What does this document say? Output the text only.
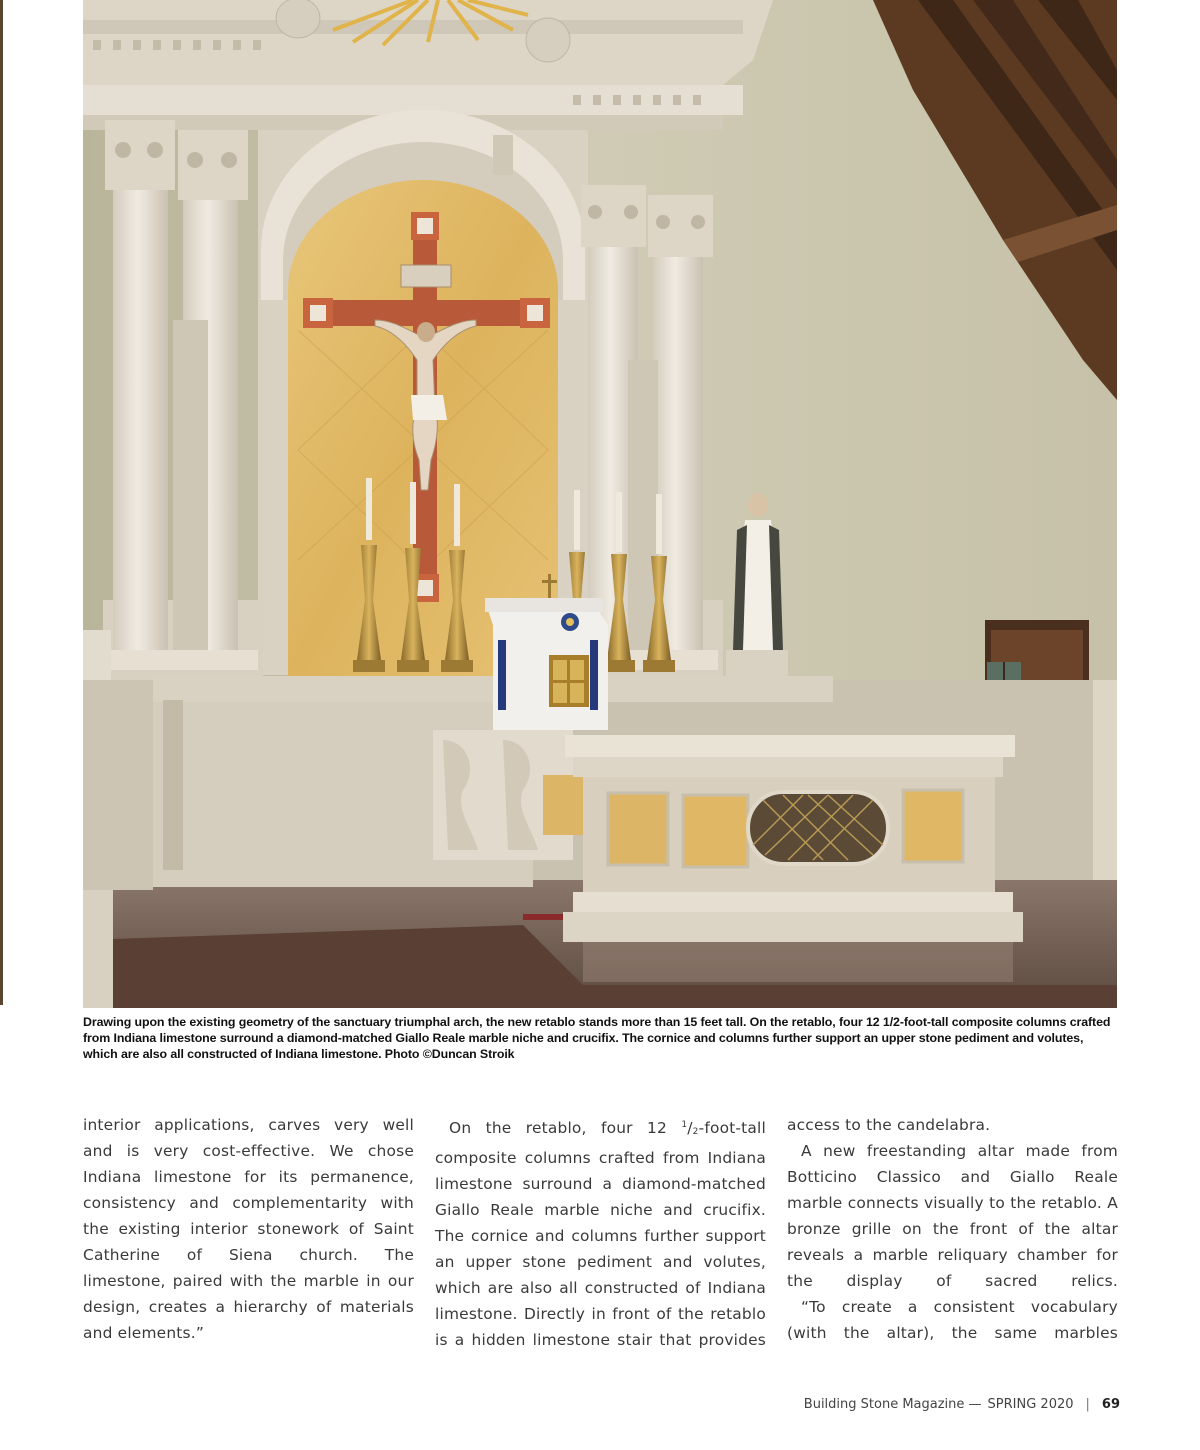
Drawing upon the existing geometry of the sanctuary triumphal arch, the new retablo stands more than 15 feet tall. On the retablo, four 12 1/2-foot-tall composite columns crafted from Indiana limestone surround a diamond-matched Giallo Reale marble niche and crucifix. The cornice and columns further support an upper stone pediment and volutes, which are also all constructed of Indiana limestone. Photo ©Duncan Stroik

interior applications, carves very well and is very cost-effective. We chose Indiana limestone for its permanence, consistency and complementarity with the existing interior stonework of Saint Catherine of Siena church. The limestone, paired with the marble in our design, creates a hierarchy of materials and elements.”

On the retablo, four 12 $^1/_2-foot$-tall composite columns crafted from Indiana limestone surround a diamond-matched Giallo Reale marble niche and crucifix. The cornice and columns further support an upper stone pediment and volutes, which are also all constructed of Indiana limestone. Directly in front of the retablo is a hidden limestone stair that provides

access to the candelabra.

A new freestanding altar made from Botticino Classico and Giallo Reale marble connects visually to the retablo. A bronze grille on the front of the altar reveals a marble reliquary chamber for the display of sacred relics.

“To create a consistent vocabulary (with the altar), the same marbles

Building Stone Magazine — SPRING 2020 | 69
